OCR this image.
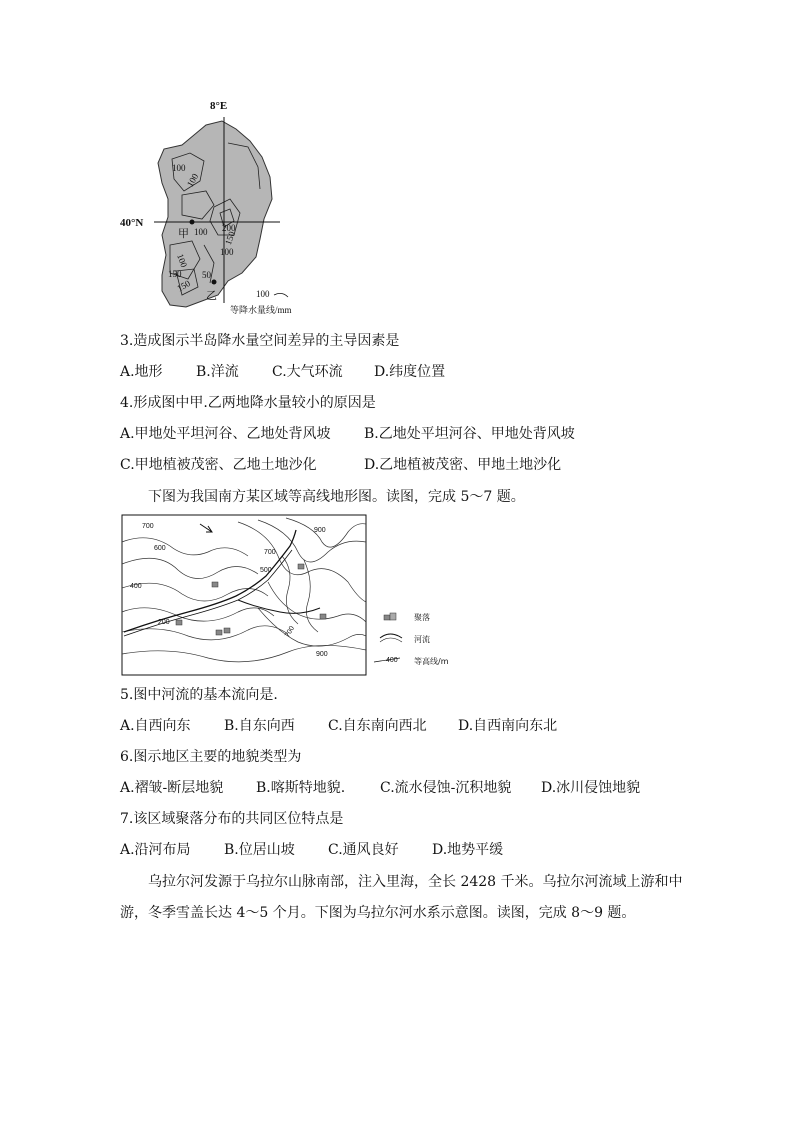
8°E
40°N
甲
乙
100
100
100 200
150
100
100
150
150
50
100
等降水量线/mm
3.造成图示半岛降水量空间差异的主导因素是
A.地形 B.洋流 C.大气环流 D.纬度位置
4.形成图中甲.乙两地降水量较小的原因是
A.甲地处平坦河谷、乙地处背风坡 B.乙地处平坦河谷、甲地处背风坡
C.甲地植被茂密、乙地土地沙化	D.乙地植被茂密、甲地土地沙化
下图为我国南方某区域等高线地形图。读图，完成 5～7 题。
700
600
400
200
700
500
900
700
900
聚落
河流
400 等高线/m
5.图中河流的基本流向是.
A.自西向东 B.自东向西 C.自东南向西北 D.自西南向东北
6.图示地区主要的地貌类型为
A.褶皱-断层地貌 B.喀斯特地貌. C.流水侵蚀-沉积地貌 D.冰川侵蚀地貌
7.该区域聚落分布的共同区位特点是
A.沿河布局 B.位居山坡 C.通风良好 D.地势平缓
乌拉尔河发源于乌拉尔山脉南部，注入里海，全长 2428 千米。乌拉尔河流域上游和中
游，冬季雪盖长达 4～5 个月。下图为乌拉尔河水系示意图。读图，完成 8～9 题。
